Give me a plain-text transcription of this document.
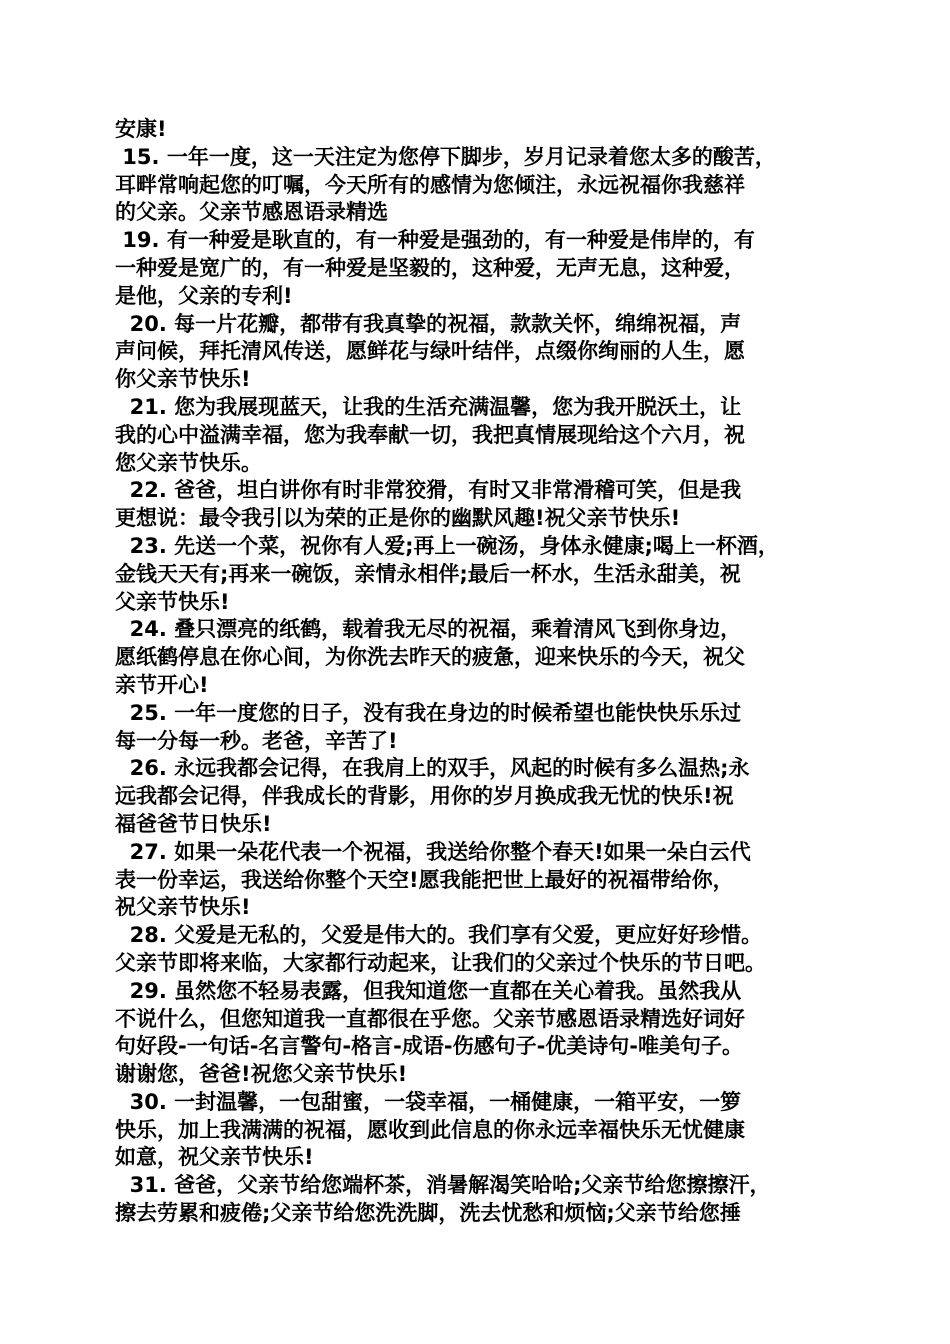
安康!
15. 一年一度，这一天注定为您停下脚步，岁月记录着您太多的酸苦，
耳畔常响起您的叮嘱，今天所有的感情为您倾注，永远祝福你我慈祥
的父亲。父亲节感恩语录精选
19. 有一种爱是耿直的，有一种爱是强劲的，有一种爱是伟岸的，有
一种爱是宽广的，有一种爱是坚毅的，这种爱，无声无息，这种爱，
是他，父亲的专利!
20. 每一片花瓣，都带有我真挚的祝福，款款关怀，绵绵祝福，声
声问候，拜托清风传送，愿鲜花与绿叶结伴，点缀你绚丽的人生，愿
你父亲节快乐!
21. 您为我展现蓝天，让我的生活充满温馨，您为我开脱沃土，让
我的心中溢满幸福，您为我奉献一切，我把真情展现给这个六月，祝
您父亲节快乐。
22. 爸爸，坦白讲你有时非常狡猾，有时又非常滑稽可笑，但是我
更想说：最令我引以为荣的正是你的幽默风趣!祝父亲节快乐!
23. 先送一个菜，祝你有人爱;再上一碗汤，身体永健康;喝上一杯酒，
金钱天天有;再来一碗饭，亲情永相伴;最后一杯水，生活永甜美，祝
父亲节快乐!
24. 叠只漂亮的纸鹤，载着我无尽的祝福，乘着清风飞到你身边，
愿纸鹤停息在你心间，为你洗去昨天的疲惫，迎来快乐的今天，祝父
亲节开心!
25. 一年一度您的日子，没有我在身边的时候希望也能快快乐乐过
每一分每一秒。老爸，辛苦了!
26. 永远我都会记得，在我肩上的双手，风起的时候有多么温热;永
远我都会记得，伴我成长的背影，用你的岁月换成我无忧的快乐!祝
福爸爸节日快乐!
27. 如果一朵花代表一个祝福，我送给你整个春天!如果一朵白云代
表一份幸运，我送给你整个天空!愿我能把世上最好的祝福带给你，
祝父亲节快乐!
28. 父爱是无私的，父爱是伟大的。我们享有父爱，更应好好珍惜。
父亲节即将来临，大家都行动起来，让我们的父亲过个快乐的节日吧。
29. 虽然您不轻易表露，但我知道您一直都在关心着我。虽然我从
不说什么，但您知道我一直都很在乎您。父亲节感恩语录精选好词好
句好段-一句话-名言警句-格言-成语-伤感句子-优美诗句-唯美句子。
谢谢您，爸爸!祝您父亲节快乐!
30. 一封温馨，一包甜蜜，一袋幸福，一桶健康，一箱平安，一箩
快乐，加上我满满的祝福，愿收到此信息的你永远幸福快乐无忧健康
如意，祝父亲节快乐!
31. 爸爸，父亲节给您端杯茶，消暑解渴笑哈哈;父亲节给您擦擦汗，
擦去劳累和疲倦;父亲节给您洗洗脚，洗去忧愁和烦恼;父亲节给您捶
